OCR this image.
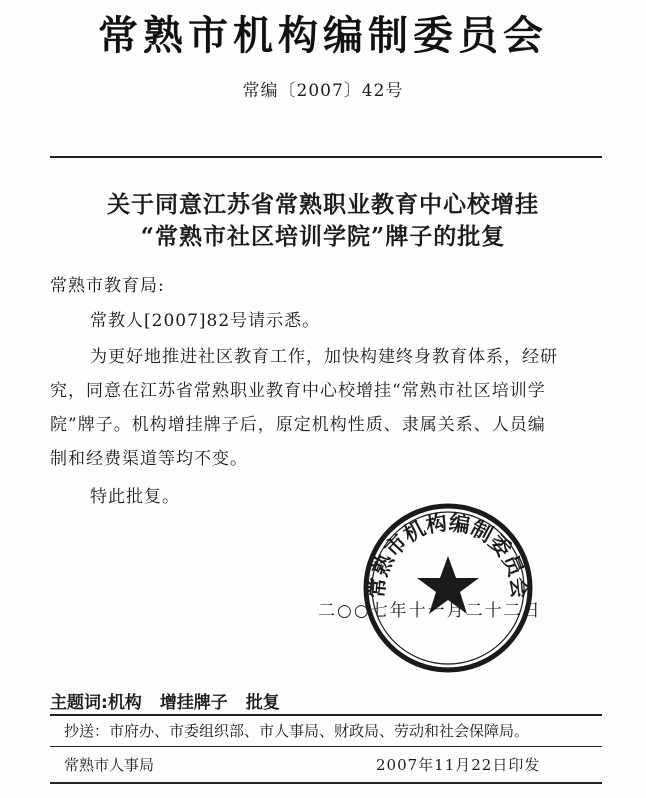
常熟市机构编制委员会
常编〔2007〕42号
关于同意江苏省常熟职业教育中心校增挂
“常熟市社区培训学院”牌子的批复
常熟市教育局:
常教人[2007]82号请示悉。
为更好地推进社区教育工作，加快构建终身教育体系，经研
究，同意在江苏省常熟职业教育中心校增挂“常熟市社区培训学
院”牌子。机构增挂牌子后，原定机构性质、隶属关系、人员编
制和经费渠道等均不变。
特此批复。
二○○七年十一月二十二日
常熟市机构编制委员会
主题词:机构 增挂牌子 批复
抄送：市府办、市委组织部、市人事局、财政局、劳动和社会保障局。
常熟市人事局	2007年11月22日印发
